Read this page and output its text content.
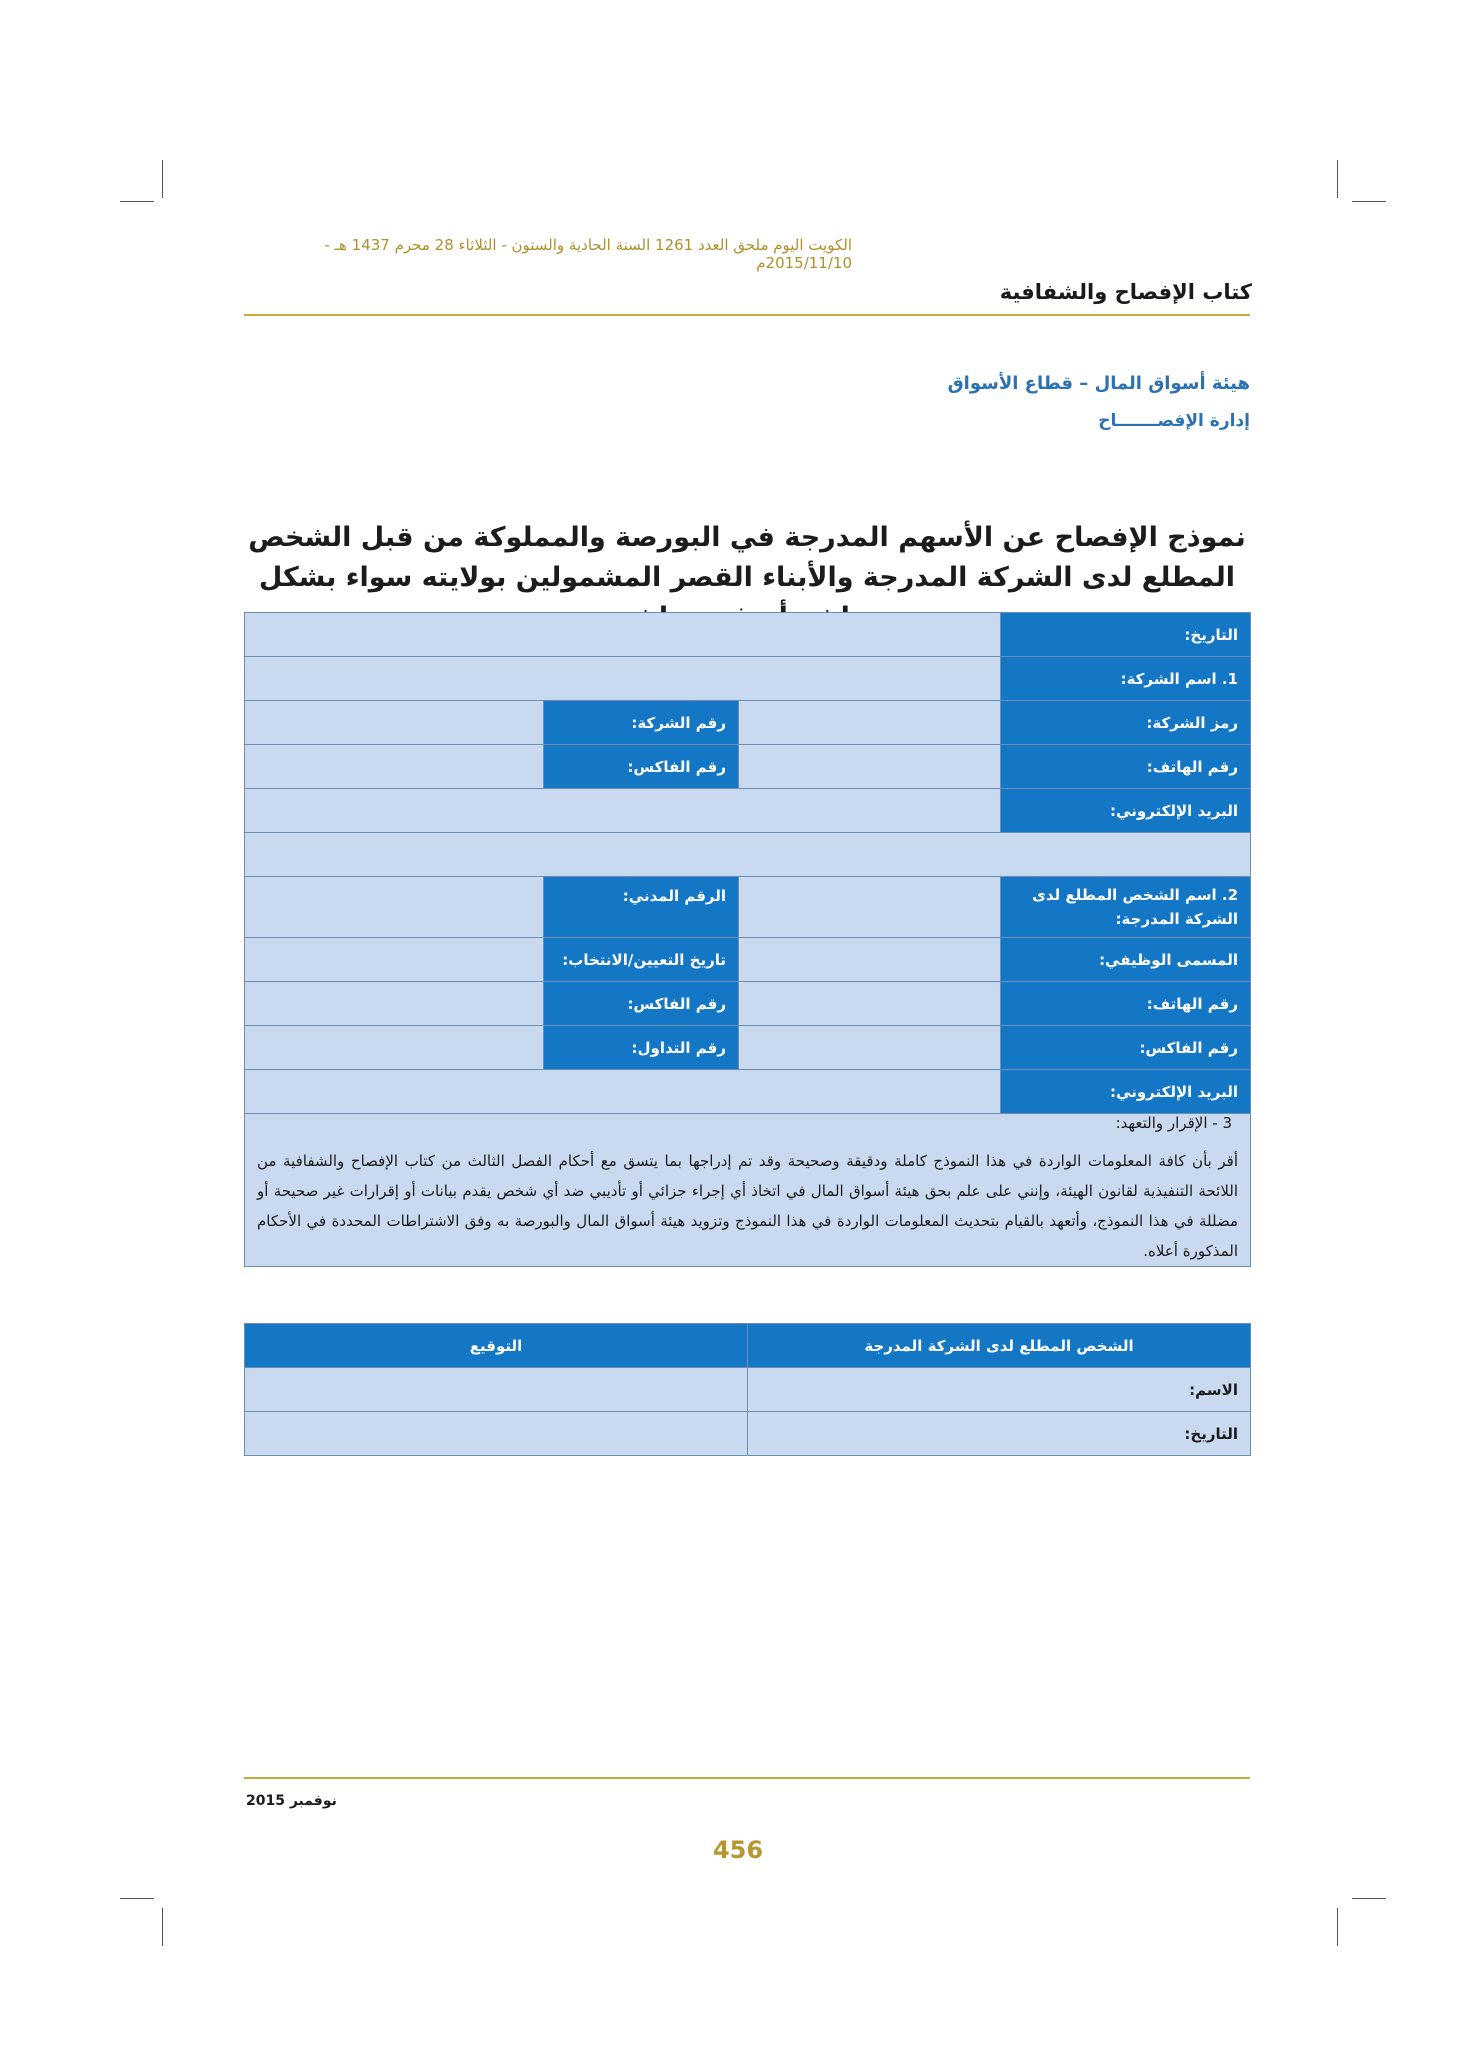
الكويت اليوم ملحق العدد 1261 السنة الحادية والستون - الثلاثاء 28 محرم 1437 هـ - 2015/11/10م
كتاب الإفصاح والشفافية
هيئة أسواق المال – قطاع الأسواق
إدارة الإفصـــــــاح
نموذج الإفصاح عن الأسهم المدرجة في البورصة والمملوكة من قبل الشخص المطلع لدى الشركة المدرجة والأبناء القصر المشمولين بولايته سواء بشكل
التاريخ:			
1. اسم الشركة:			
رمز الشركة:		رقم الشركة:	
رقم الهاتف:		رقم الفاكس:	
البريد الإلكتروني:			

2. اسم الشخص المطلع لدى الشركة المدرجة:		الرقم المدني:	
المسمى الوظيفي:		تاريخ التعيين/الانتخاب:	
رقم الهاتف:		رقم الفاكس:	
رقم الفاكس:		رقم التداول:	
البريد الإلكتروني:			

3 - الإقرار والتعهد:
أقر بأن كافة المعلومات الواردة في هذا النموذج كاملة ودقيقة وصحيحة وقد تم إدراجها بما يتسق مع أحكام الفصل الثالث من كتاب الإفصاح والشفافية من اللائحة التنفيذية لقانون الهيئة، وإنني على علم بحق هيئة أسواق المال في اتخاذ أي إجراء جزائي أو تأديبي ضد أي شخص يقدم بيانات أو إقرارات غير صحيحة أو مضللة في هذا النموذج، وأتعهد بالقيام بتحديث المعلومات الواردة في هذا النموذج وتزويد هيئة أسواق المال والبورصة به وفق الاشتراطات المحددة في الأحكام المذكورة أعلاه.			
الشخص المطلع لدى الشركة المدرجة	التوقيع
الاسم:	
التاريخ:	
نوفمبر 2015
456
